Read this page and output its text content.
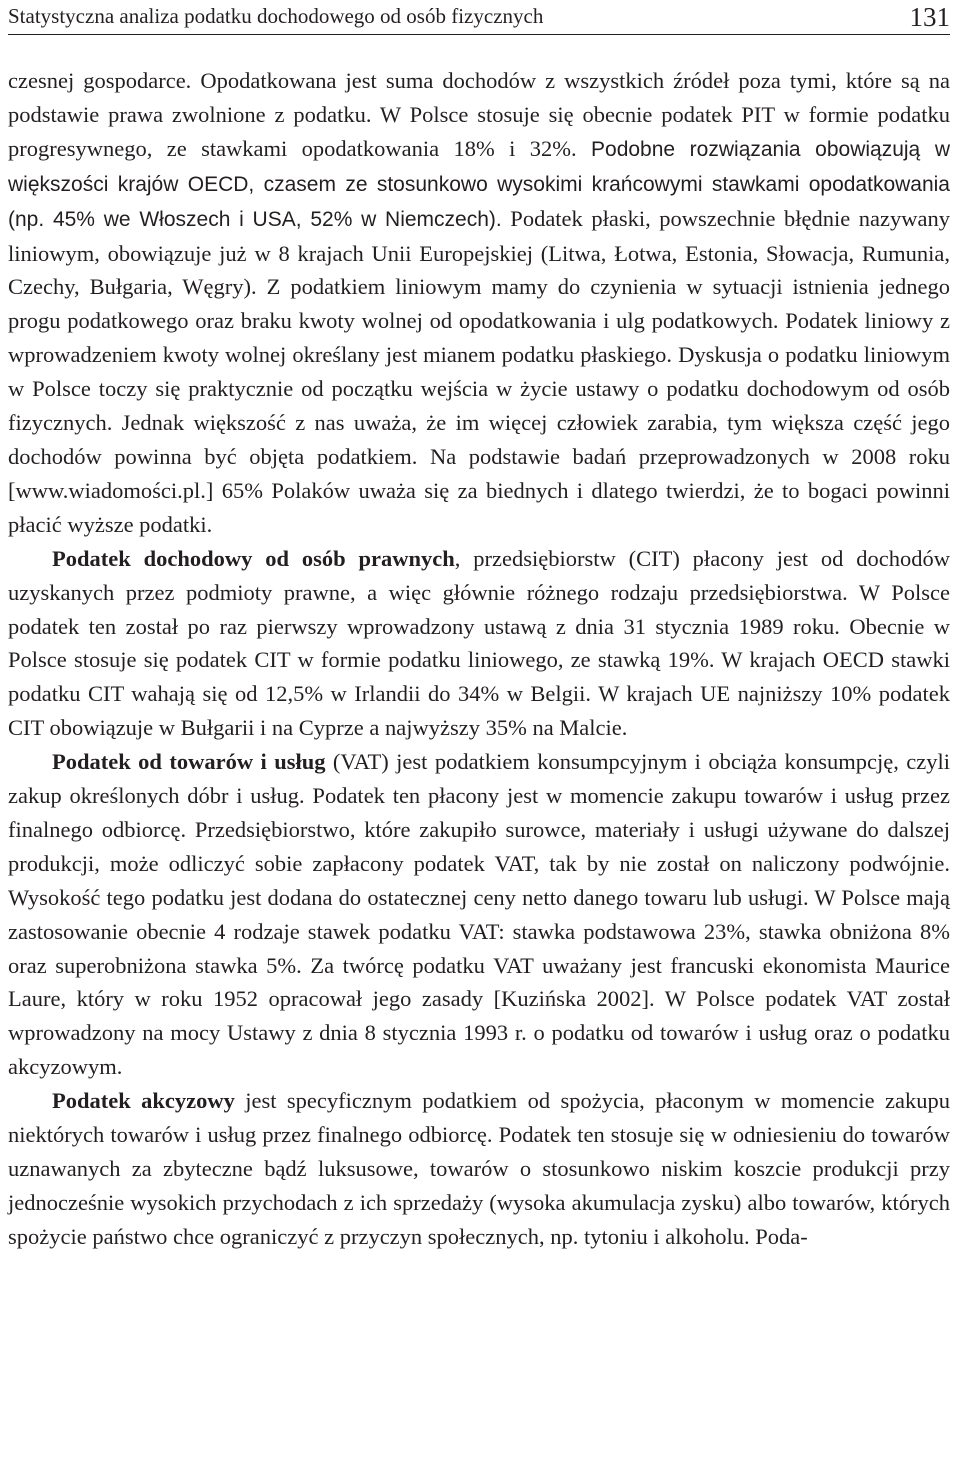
Statystyczna analiza podatku dochodowego od osób fizycznych	131

czesnej gospodarce. Opodatkowana jest suma dochodów z wszystkich źródeł poza tymi, które są na podstawie prawa zwolnione z podatku. W Polsce stosuje się obecnie podatek PIT w formie podatku progresywnego, ze stawkami opodatkowania 18% i 32%. Podobne rozwiązania obowiązują w większości krajów OECD, czasem ze stosunkowo wysokimi krańcowymi stawkami opodatkowania (np. 45% we Włoszech i USA, 52% w Niemczech). Podatek płaski, powszechnie błędnie nazywany liniowym, obowiązuje już w 8 krajach Unii Europejskiej (Litwa, Łotwa, Estonia, Słowacja, Rumunia, Czechy, Bułgaria, Węgry). Z podatkiem liniowym mamy do czynienia w sytuacji istnienia jednego progu podatkowego oraz braku kwoty wolnej od opodatkowania i ulg podatkowych. Podatek liniowy z wprowadzeniem kwoty wolnej określany jest mianem podatku płaskiego. Dyskusja o podatku liniowym w Polsce toczy się praktycznie od początku wejścia w życie ustawy o podatku dochodowym od osób fizycznych. Jednak większość z nas uważa, że im więcej człowiek zarabia, tym większa część jego dochodów powinna być objęta podatkiem. Na podstawie badań przeprowadzonych w 2008 roku [www.wiadomości.pl.] 65% Polaków uważa się za biednych i dlatego twierdzi, że to bogaci powinni płacić wyższe podatki.

Podatek dochodowy od osób prawnych, przedsiębiorstw (CIT) płacony jest od dochodów uzyskanych przez podmioty prawne, a więc głównie różnego rodzaju przedsiębiorstwa. W Polsce podatek ten został po raz pierwszy wprowadzony ustawą z dnia 31 stycznia 1989 roku. Obecnie w Polsce stosuje się podatek CIT w formie podatku liniowego, ze stawką 19%. W krajach OECD stawki podatku CIT wahają się od 12,5% w Irlandii do 34% w Belgii. W krajach UE najniższy 10% podatek CIT obowiązuje w Bułgarii i na Cyprze a najwyższy 35% na Malcie.

Podatek od towarów i usług (VAT) jest podatkiem konsumpcyjnym i obciąża konsumpcję, czyli zakup określonych dóbr i usług. Podatek ten płacony jest w momencie zakupu towarów i usług przez finalnego odbiorcę. Przedsiębiorstwo, które zakupiło surowce, materiały i usługi używane do dalszej produkcji, może odliczyć sobie zapłacony podatek VAT, tak by nie został on naliczony podwójnie. Wysokość tego podatku jest dodana do ostatecznej ceny netto danego towaru lub usługi. W Polsce mają zastosowanie obecnie 4 rodzaje stawek podatku VAT: stawka podstawowa 23%, stawka obniżona 8% oraz superobniżona stawka 5%. Za twórcę podatku VAT uważany jest francuski ekonomista Maurice Laure, który w roku 1952 opracował jego zasady [Kuzińska 2002]. W Polsce podatek VAT został wprowadzony na mocy Ustawy z dnia 8 stycznia 1993 r. o podatku od towarów i usług oraz o podatku akcyzowym.

Podatek akcyzowy jest specyficznym podatkiem od spożycia, płaconym w momencie zakupu niektórych towarów i usług przez finalnego odbiorcę. Podatek ten stosuje się w odniesieniu do towarów uznawanych za zbyteczne bądź luksusowe, towarów o stosunkowo niskim koszcie produkcji przy jednocześnie wysokich przychodach z ich sprzedaży (wysoka akumulacja zysku) albo towarów, których spożycie państwo chce ograniczyć z przyczyn społecznych, np. tytoniu i alkoholu. Poda-
